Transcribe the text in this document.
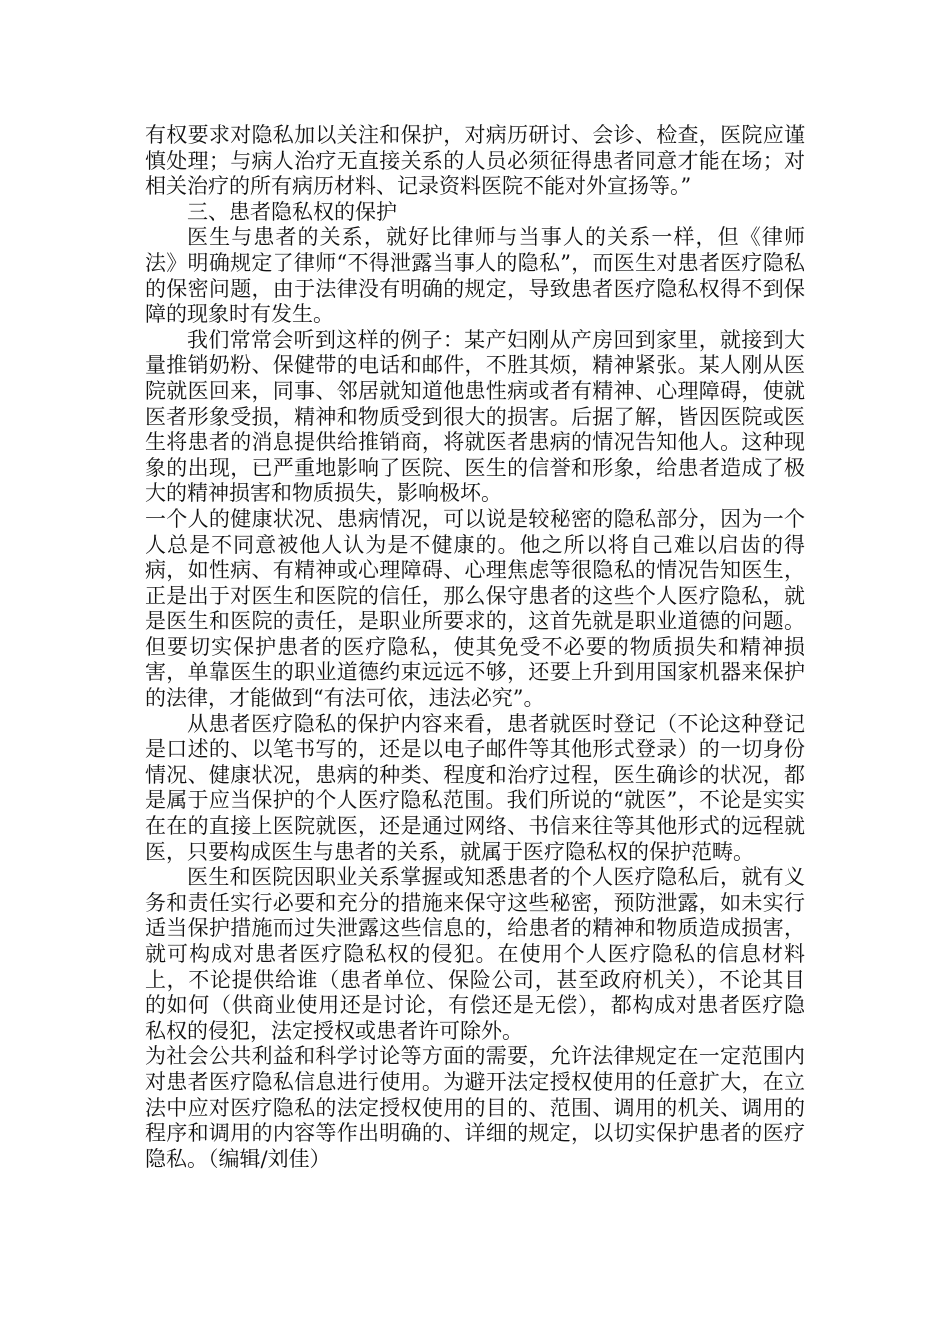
有权要求对隐私加以关注和保护，对病历研讨、会诊、检查，医院应谨慎处理；与病人治疗无直接关系的人员必须征得患者同意才能在场；对相关治疗的所有病历材料、记录资料医院不能对外宣扬等。”

三、患者隐私权的保护

医生与患者的关系，就好比律师与当事人的关系一样，但《律师法》明确规定了律师“不得泄露当事人的隐私”，而医生对患者医疗隐私的保密问题，由于法律没有明确的规定，导致患者医疗隐私权得不到保障的现象时有发生。

我们常常会听到这样的例子：某产妇刚从产房回到家里，就接到大量推销奶粉、保健带的电话和邮件，不胜其烦，精神紧张。某人刚从医院就医回来，同事、邻居就知道他患性病或者有精神、心理障碍，使就医者形象受损，精神和物质受到很大的损害。后据了解，皆因医院或医生将患者的消息提供给推销商，将就医者患病的情况告知他人。这种现象的出现，已严重地影响了医院、医生的信誉和形象，给患者造成了极大的精神损害和物质损失，影响极坏。

一个人的健康状况、患病情况，可以说是较秘密的隐私部分，因为一个人总是不同意被他人认为是不健康的。他之所以将自己难以启齿的得病，如性病、有精神或心理障碍、心理焦虑等很隐私的情况告知医生，正是出于对医生和医院的信任，那么保守患者的这些个人医疗隐私，就是医生和医院的责任，是职业所要求的，这首先就是职业道德的问题。但要切实保护患者的医疗隐私，使其免受不必要的物质损失和精神损害，单靠医生的职业道德约束远远不够，还要上升到用国家机器来保护的法律，才能做到“有法可依，违法必究”。

从患者医疗隐私的保护内容来看，患者就医时登记（不论这种登记是口述的、以笔书写的，还是以电子邮件等其他形式登录）的一切身份情况、健康状况，患病的种类、程度和治疗过程，医生确诊的状况，都是属于应当保护的个人医疗隐私范围。我们所说的“就医”，不论是实实在在的直接上医院就医，还是通过网络、书信来往等其他形式的远程就医，只要构成医生与患者的关系，就属于医疗隐私权的保护范畴。

医生和医院因职业关系掌握或知悉患者的个人医疗隐私后，就有义务和责任实行必要和充分的措施来保守这些秘密，预防泄露，如未实行适当保护措施而过失泄露这些信息的，给患者的精神和物质造成损害，就可构成对患者医疗隐私权的侵犯。在使用个人医疗隐私的信息材料上，不论提供给谁（患者单位、保险公司，甚至政府机关），不论其目的如何（供商业使用还是讨论，有偿还是无偿），都构成对患者医疗隐私权的侵犯，法定授权或患者许可除外。

为社会公共利益和科学讨论等方面的需要，允许法律规定在一定范围内对患者医疗隐私信息进行使用。为避开法定授权使用的任意扩大，在立法中应对医疗隐私的法定授权使用的目的、范围、调用的机关、调用的程序和调用的内容等作出明确的、详细的规定，以切实保护患者的医疗隐私。（编辑/刘佳）
